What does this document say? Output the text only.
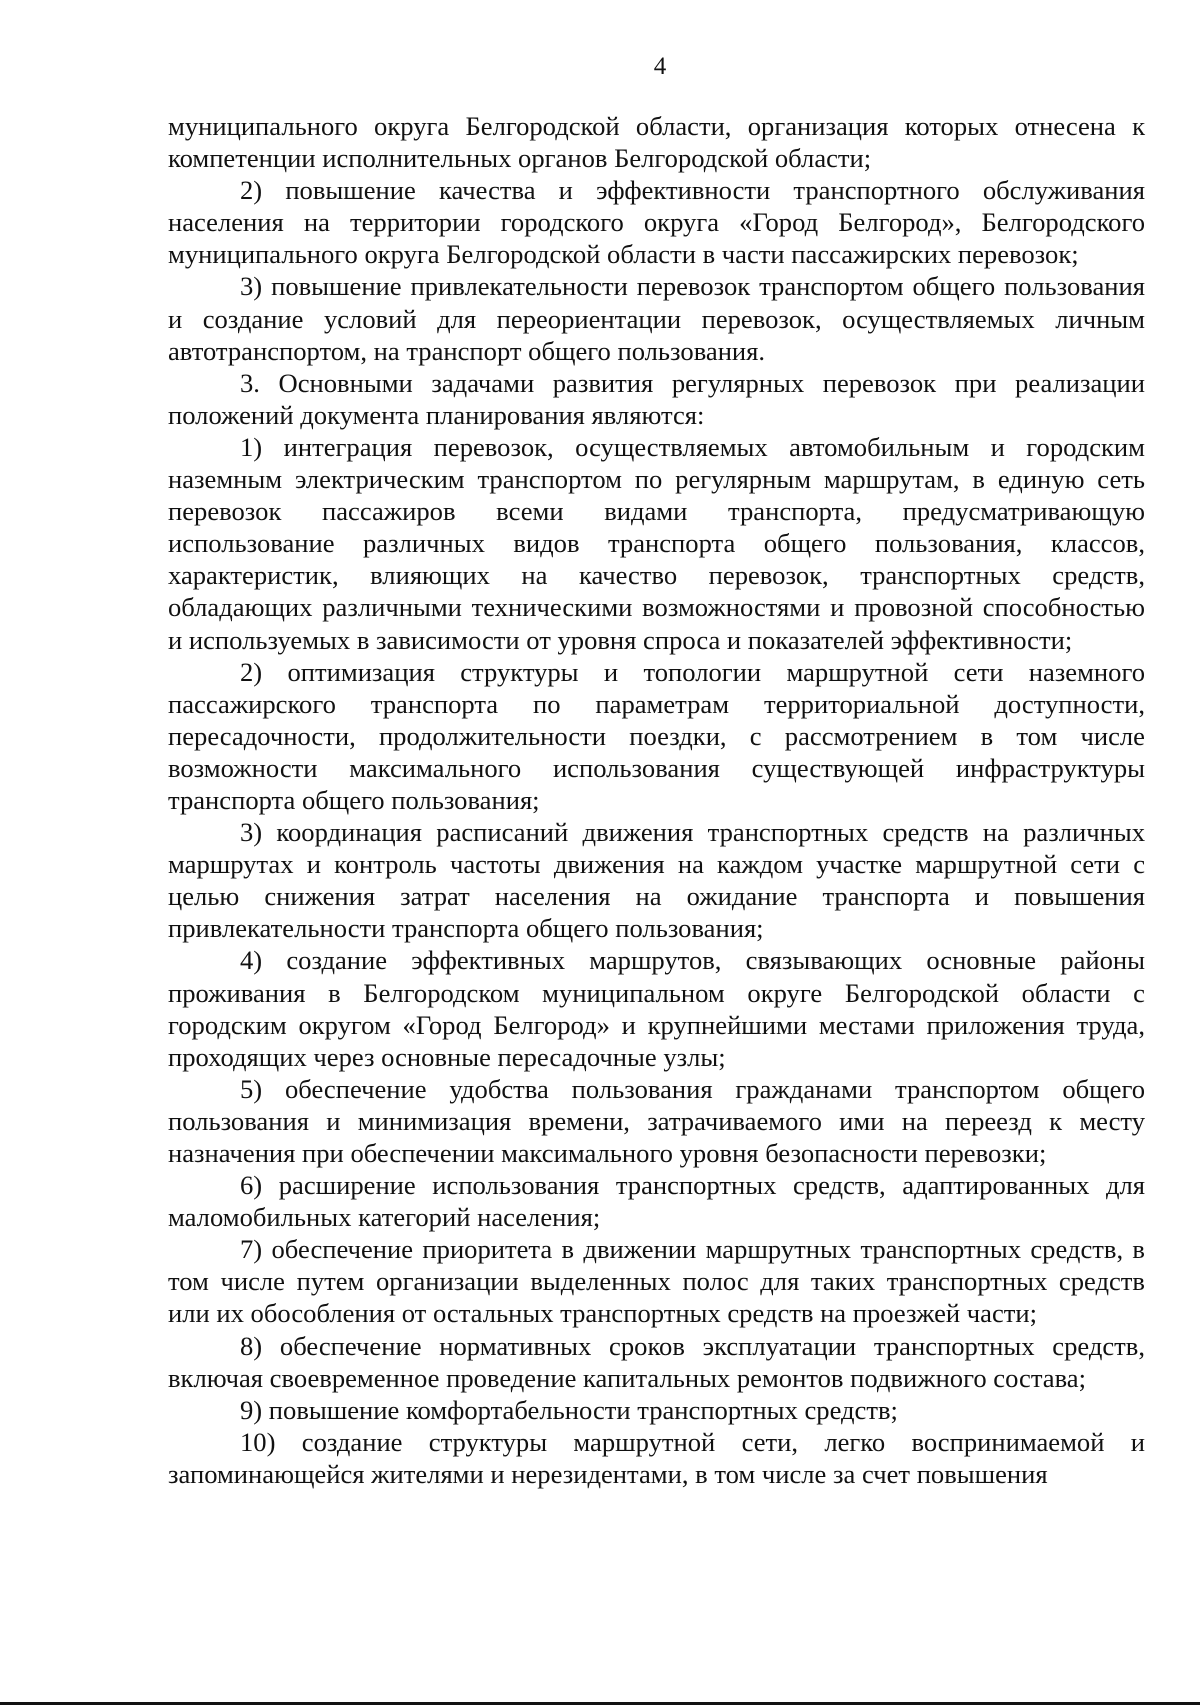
4

муниципального округа Белгородской области, организация которых отнесена к компетенции исполнительных органов Белгородской области;

2) повышение качества и эффективности транспортного обслуживания населения на территории городского округа «Город Белгород», Белгородского муниципального округа Белгородской области в части пассажирских перевозок;

3) повышение привлекательности перевозок транспортом общего пользования и создание условий для переориентации перевозок, осуществляемых личным автотранспортом, на транспорт общего пользования.

3. Основными задачами развития регулярных перевозок при реализации положений документа планирования являются:

1) интеграция перевозок, осуществляемых автомобильным и городским наземным электрическим транспортом по регулярным маршрутам, в единую сеть перевозок пассажиров всеми видами транспорта, предусматривающую использование различных видов транспорта общего пользования, классов, характеристик, влияющих на качество перевозок, транспортных средств, обладающих различными техническими возможностями и провозной способностью и используемых в зависимости от уровня спроса и показателей эффективности;

2) оптимизация структуры и топологии маршрутной сети наземного пассажирского транспорта по параметрам территориальной доступности, пересадочности, продолжительности поездки, с рассмотрением в том числе возможности максимального использования существующей инфраструктуры транспорта общего пользования;

3) координация расписаний движения транспортных средств на различных маршрутах и контроль частоты движения на каждом участке маршрутной сети с целью снижения затрат населения на ожидание транспорта и повышения привлекательности транспорта общего пользования;

4) создание эффективных маршрутов, связывающих основные районы проживания в Белгородском муниципальном округе Белгородской области с городским округом «Город Белгород» и крупнейшими местами приложения труда, проходящих через основные пересадочные узлы;

5) обеспечение удобства пользования гражданами транспортом общего пользования и минимизация времени, затрачиваемого ими на переезд к месту назначения при обеспечении максимального уровня безопасности перевозки;

6) расширение использования транспортных средств, адаптированных для маломобильных категорий населения;

7) обеспечение приоритета в движении маршрутных транспортных средств, в том числе путем организации выделенных полос для таких транспортных средств или их обособления от остальных транспортных средств на проезжей части;

8) обеспечение нормативных сроков эксплуатации транспортных средств, включая своевременное проведение капитальных ремонтов подвижного состава;

9) повышение комфортабельности транспортных средств;

10) создание структуры маршрутной сети, легко воспринимаемой и запоминающейся жителями и нерезидентами, в том числе за счет повышения
